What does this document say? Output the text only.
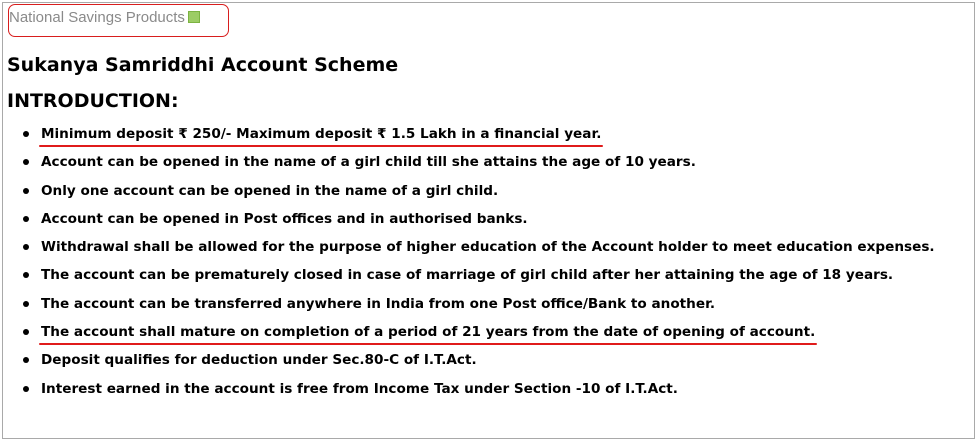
National Savings Products
Sukanya Samriddhi Account Scheme
INTRODUCTION:
Minimum deposit ₹ 250/- Maximum deposit ₹ 1.5 Lakh in a financial year.
Account can be opened in the name of a girl child till she attains the age of 10 years.
Only one account can be opened in the name of a girl child.
Account can be opened in Post offices and in authorised banks.
Withdrawal shall be allowed for the purpose of higher education of the Account holder to meet education expenses.
The account can be prematurely closed in case of marriage of girl child after her attaining the age of 18 years.
The account can be transferred anywhere in India from one Post office/Bank to another.
The account shall mature on completion of a period of 21 years from the date of opening of account.
Deposit qualifies for deduction under Sec.80-C of I.T.Act.
Interest earned in the account is free from Income Tax under Section -10 of I.T.Act.
